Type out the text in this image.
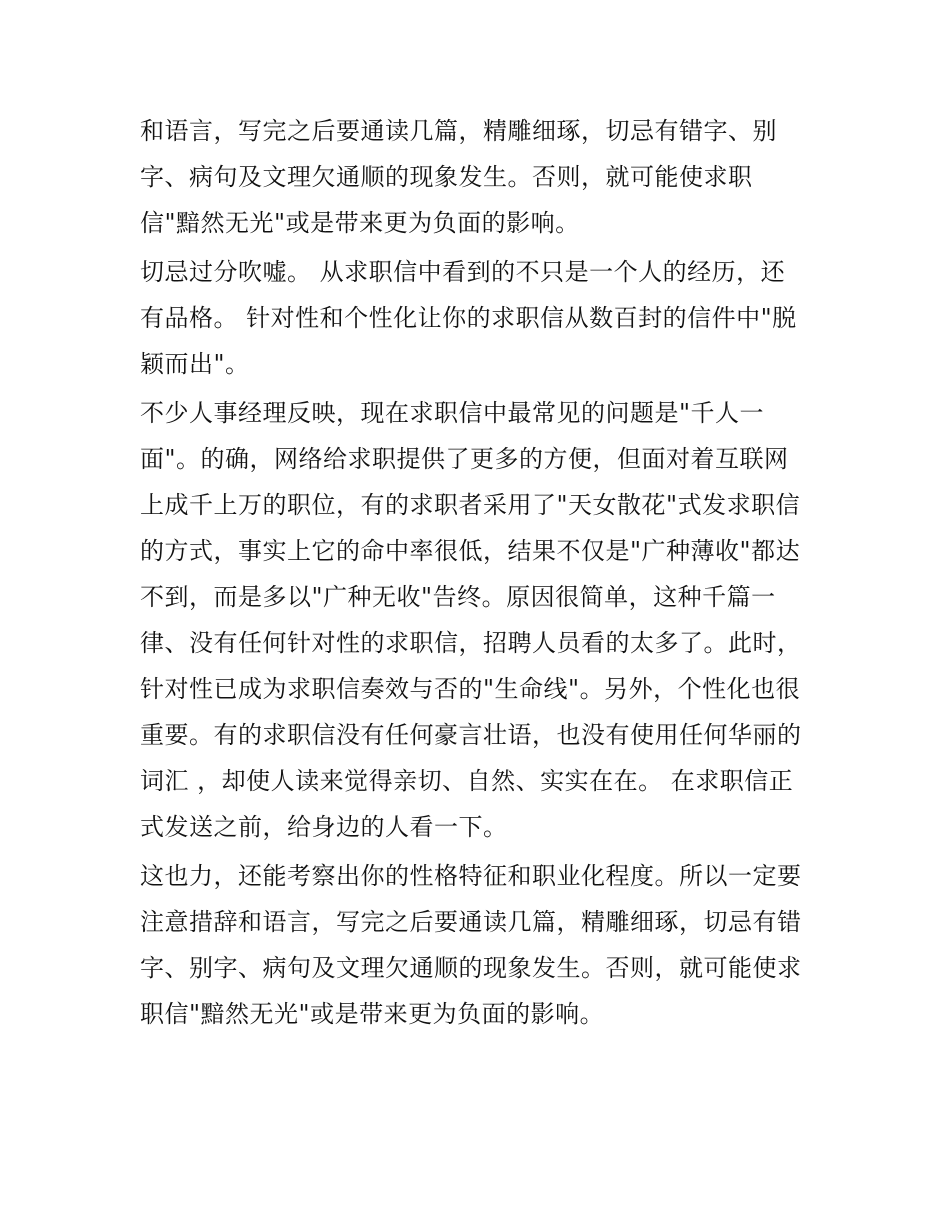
和语言，写完之后要通读几篇，精雕细琢，切忌有错字、别
字、病句及文理欠通顺的现象发生。否则，就可能使求职
信"黯然无光"或是带来更为负面的影响。
切忌过分吹嘘。 从求职信中看到的不只是一个人的经历，还
有品格。 针对性和个性化让你的求职信从数百封的信件中"脱
颖而出"。
不少人事经理反映，现在求职信中最常见的问题是"千人一
面"。的确，网络给求职提供了更多的方便，但面对着互联网
上成千上万的职位，有的求职者采用了"天女散花"式发求职信
的方式，事实上它的命中率很低，结果不仅是"广种薄收"都达
不到，而是多以"广种无收"告终。原因很简单，这种千篇一
律、没有任何针对性的求职信，招聘人员看的太多了。此时，
针对性已成为求职信奏效与否的"生命线"。另外，个性化也很
重要。有的求职信没有任何豪言壮语，也没有使用任何华丽的
词汇 ，却使人读来觉得亲切、自然、实实在在。 在求职信正
式发送之前，给身边的人看一下。
这也力，还能考察出你的性格特征和职业化程度。所以一定要
注意措辞和语言，写完之后要通读几篇，精雕细琢，切忌有错
字、别字、病句及文理欠通顺的现象发生。否则，就可能使求
职信"黯然无光"或是带来更为负面的影响。
